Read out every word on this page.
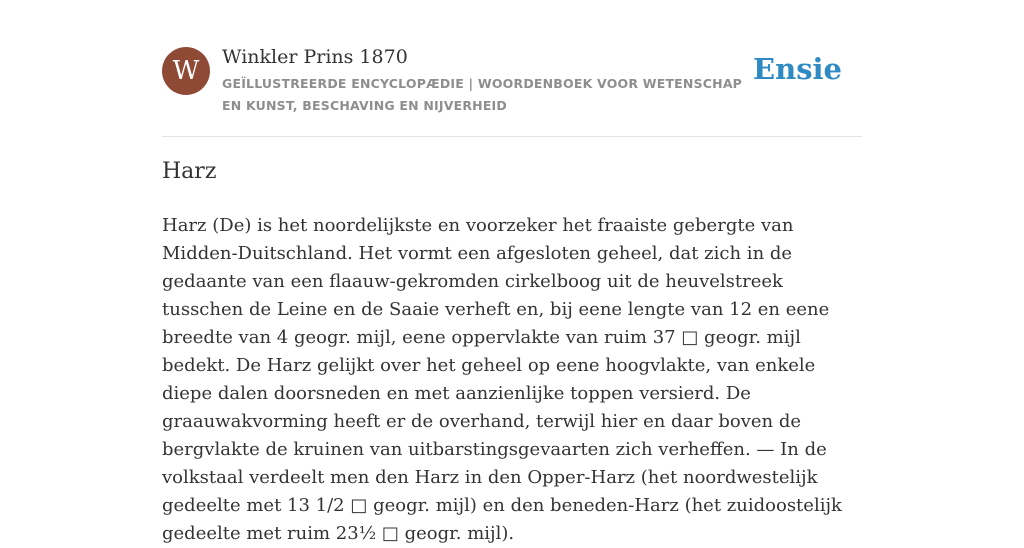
W	Winkler Prins 1870
GEÏLLUSTREERDE ENCYCLOPÆDIE | WOORDENBOEK VOOR WETENSCHAP EN KUNST, BESCHAVING EN NIJVERHEID
Ensie
Harz

Harz (De) is het noordelijkste en voorzeker het fraaiste gebergte van Midden-Duitschland. Het vormt een afgesloten geheel, dat zich in de gedaante van een flaauw-gekromden cirkelboog uit de heuvelstreek tusschen de Leine en de Saaie verheft en, bij eene lengte van 12 en eene breedte van 4 geogr. mijl, eene oppervlakte van ruim 37 □ geogr. mijl bedekt. De Harz gelijkt over het geheel op eene hoogvlakte, van enkele diepe dalen doorsneden en met aanzienlijke toppen versierd. De graauwakvorming heeft er de overhand, terwijl hier en daar boven de bergvlakte de kruinen van uitbarstingsgevaarten zich verheffen. — In de volkstaal verdeelt men den Harz in den Opper-Harz (het noordwestelijk gedeelte met 13 1/2 □ geogr. mijl) en den beneden-Harz (het zuidoostelijk gedeelte met ruim 23½ □ geogr. mijl).
